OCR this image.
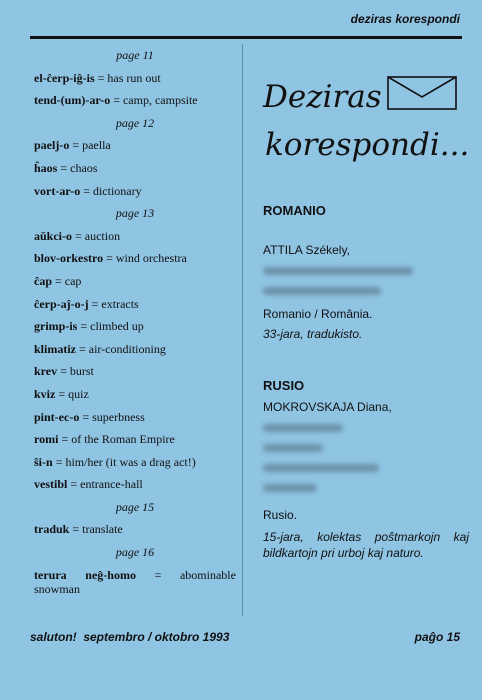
deziras korespondi
page 11
el-ĉerp-iĝ-is = has run out
tend-(um)-ar-o = camp, campsite
page 12
paelj-o = paella
ĥaos = chaos
vort-ar-o = dictionary
page 13
aŭkci-o = auction
blov-orkestro = wind orchestra
ĉap = cap
ĉerp-aĵ-o-j = extracts
grimp-is = climbed up
klimatiz = air-conditioning
krev = burst
kviz = quiz
pint-ec-o = superbness
romi = of the Roman Empire
ŝi-n = him/her (it was a drag act!)
vestibl = entrance-hall
page 15
traduk = translate
page 16
terura neĝ-homo = abominable
snowman
Deziras
korespondi...
ROMANIO
ATTILA Székely,
Romanio / România.
33-jara, tradukisto.
RUSIO
MOKROVSKAJA Diana,
Rusio.
15-jara, kolektas poŝtmarkojn kaj bildkartojn pri urboj kaj naturo.
saluton!  septembro / oktobro 1993	paĝo 15
